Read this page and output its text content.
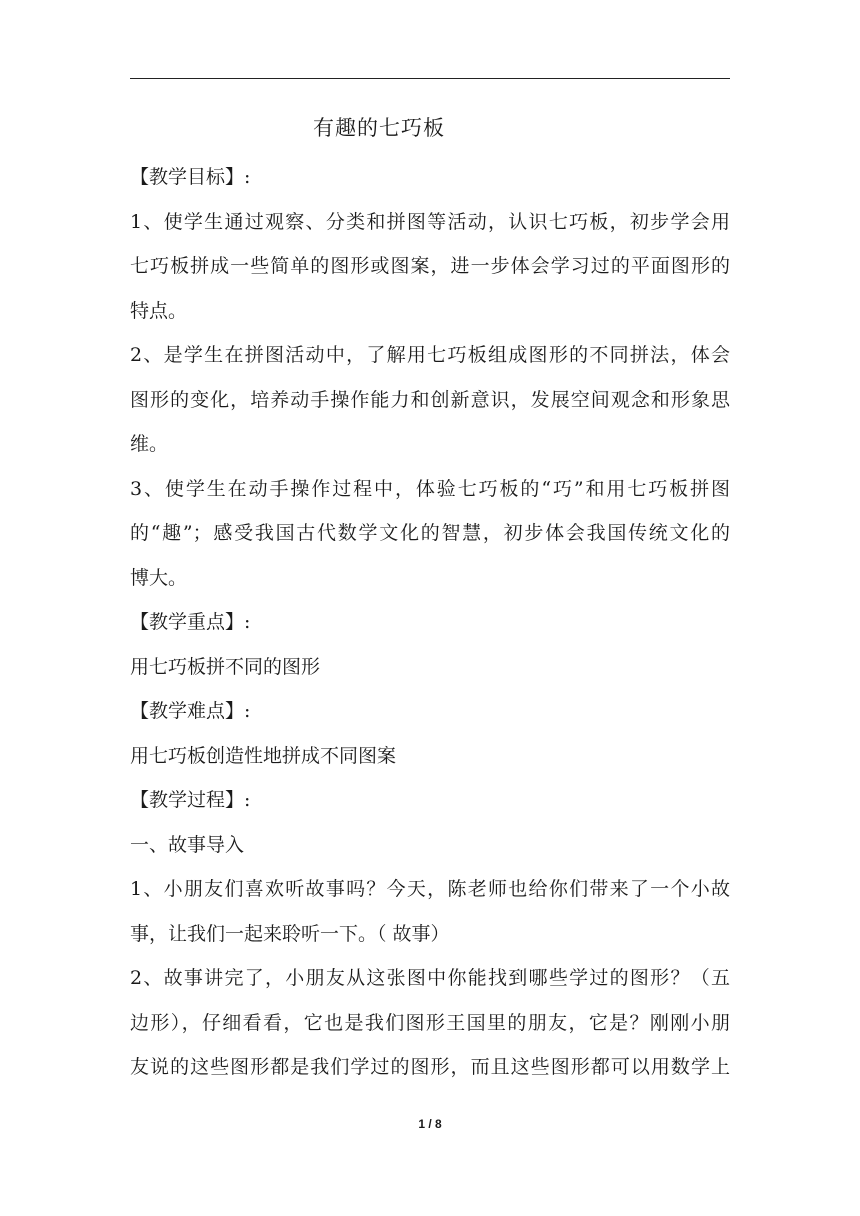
有趣的七巧板
【教学目标】:
1、使学生通过观察、分类和拼图等活动，认识七巧板，初步学会用
七巧板拼成一些简单的图形或图案，进一步体会学习过的平面图形的
特点。
2、是学生在拼图活动中，了解用七巧板组成图形的不同拼法，体会
图形的变化，培养动手操作能力和创新意识，发展空间观念和形象思
维。
3、使学生在动手操作过程中，体验七巧板的“巧”和用七巧板拼图
的“趣”；感受我国古代数学文化的智慧，初步体会我国传统文化的
博大。
【教学重点】:
用七巧板拼不同的图形
【教学难点】:
用七巧板创造性地拼成不同图案
【教学过程】:
一、故事导入
1、小朋友们喜欢听故事吗？今天，陈老师也给你们带来了一个小故
事，让我们一起来聆听一下。（ 故事）
2、故事讲完了，小朋友从这张图中你能找到哪些学过的图形？（五
边形），仔细看看，它也是我们图形王国里的朋友，它是？刚刚小朋
友说的这些图形都是我们学过的图形，而且这些图形都可以用数学上
1 / 8
